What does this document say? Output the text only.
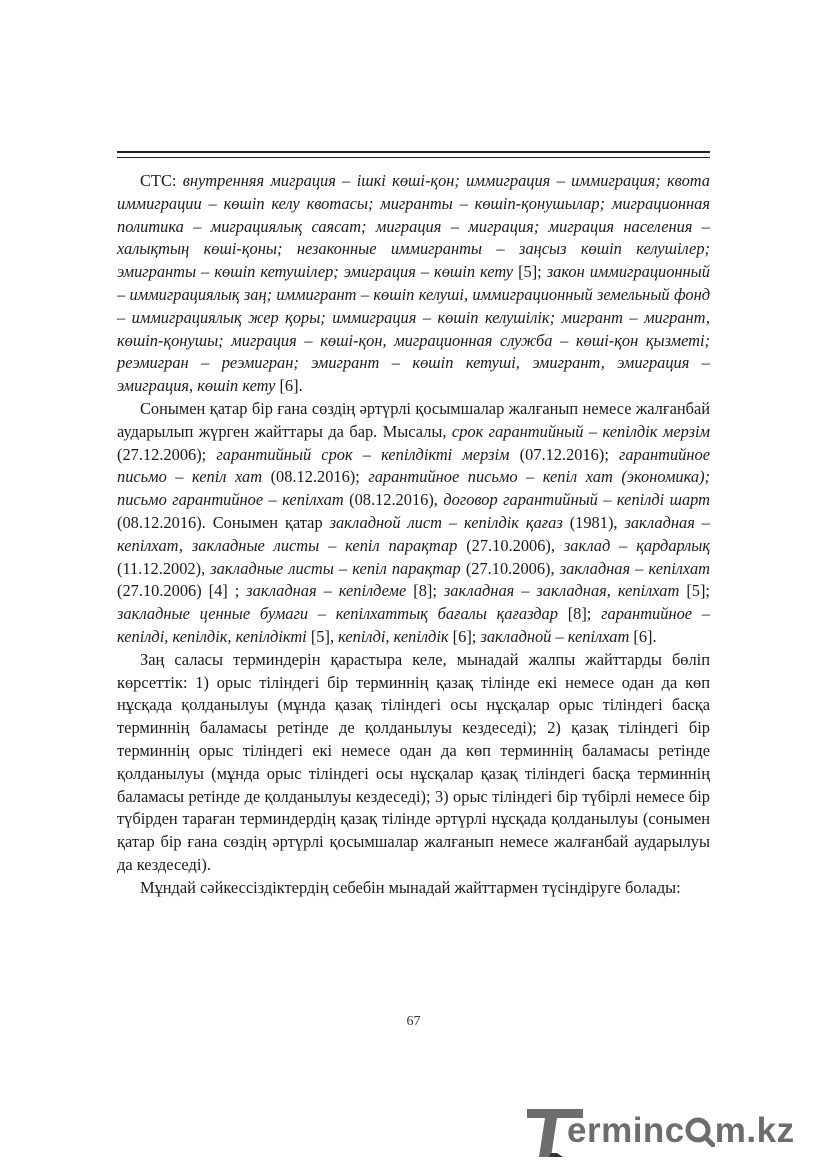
СТС: внутренняя миграция – ішкі көші-қон; иммиграция – иммиграция; квота иммиграции – көшіп келу квотасы; мигранты – көшіп-қонушылар; миграционная политика – миграциялық саясат; миграция – миграция; миграция населения – халықтың көші-қоны; незаконные иммигранты – заңсыз көшіп келушілер; эмигранты – көшіп кетушілер; эмиграция – көшіп кету [5]; закон иммиграционный – иммиграциялық заң; иммигрант – көшіп келуші, иммиграционный земельный фонд – иммиграциялық жер қоры; иммиграция – көшіп келушілік; мигрант – мигрант, көшіп-қонушы; миграция – көші-қон, миграционная служба – көші-қон қызметі; реэмигран – реэмигран; эмигрант – көшіп кетуші, эмигрант, эмиграция – эмиграция, көшіп кету [6].

Сонымен қатар бір ғана сөздің әртүрлі қосымшалар жалғанып немесе жалғанбай аударылып жүрген жайттары да бар. Мысалы, срок гарантийный – кепілдік мерзім (27.12.2006); гарантийный срок – кепілдікті мерзім (07.12.2016); гарантийное письмо – кепіл хат (08.12.2016); гарантийное письмо – кепіл хат (экономика); письмо гарантийное – кепілхат (08.12.2016), договор гарантийный – кепілді шарт (08.12.2016). Сонымен қатар закладной лист – кепілдік қағаз (1981), закладная – кепілхат, закладные листы – кепіл парақтар (27.10.2006), заклад – қардарлық (11.12.2002), закладные листы – кепіл парақтар (27.10.2006), закладная – кепілхат (27.10.2006) [4] ; закладная – кепілдеме [8]; закладная – закладная, кепілхат [5]; закладные ценные бумаги – кепілхаттық бағалы қағаздар [8]; гарантийное – кепілді, кепілдік, кепілдікті [5], кепілді, кепілдік [6]; закладной – кепілхат [6].

Заң саласы терминдерін қарастыра келе, мынадай жалпы жайттарды бөліп көрсеттік: 1) орыс тіліндегі бір терминнің қазақ тілінде екі немесе одан да көп нұсқада қолданылуы (мұнда қазақ тіліндегі осы нұсқалар орыс тіліндегі басқа терминнің баламасы ретінде де қолданылуы кездеседі); 2) қазақ тіліндегі бір терминнің орыс тіліндегі екі немесе одан да көп терминнің баламасы ретінде қолданылуы (мұнда орыс тіліндегі осы нұсқалар қазақ тіліндегі басқа терминнің баламасы ретінде де қолданылуы кездеседі); 3) орыс тіліндегі бір түбірлі немесе бір түбірден тараған терминдердің қазақ тілінде әртүрлі нұсқада қолданылуы (сонымен қатар бір ғана сөздің әртүрлі қосымшалар жалғанып немесе жалғанбай аударылуы да кездеседі).

Мұндай сәйкессіздіктердің себебін мынадай жайттармен түсіндіруге болады:

67
erminc m.kz
